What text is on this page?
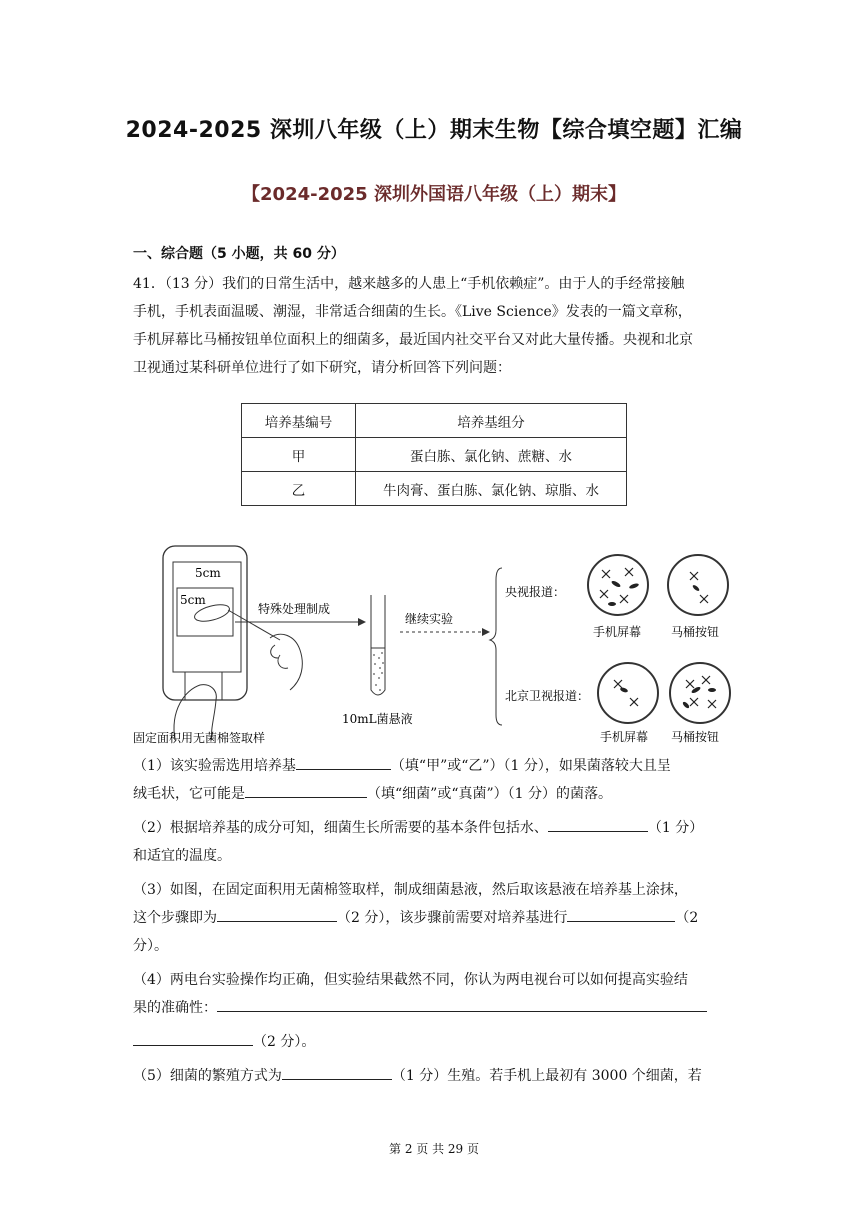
2024-2025 深圳八年级（上）期末生物【综合填空题】汇编
【2024-2025 深圳外国语八年级（上）期末】
一、综合题（5 小题，共 60 分）
41．（13 分）我们的日常生活中，越来越多的人患上“手机依赖症”。由于人的手经常接触
手机，手机表面温暖、潮湿，非常适合细菌的生长。《Live Science》发表的一篇文章称，
手机屏幕比马桶按钮单位面积上的细菌多，最近国内社交平台又对此大量传播。央视和北京
卫视通过某科研单位进行了如下研究，请分析回答下列问题：
培养基编号	培养基组分
甲	蛋白胨、氯化钠、蔗糖、水
乙	牛肉膏、蛋白胨、氯化钠、琼脂、水
5cm
5cm
特殊处理制成
10mL菌悬液
继续实验
央视报道：
北京卫视报道：
手机屏幕 马桶按钮
手机屏幕 马桶按钮
固定面积用无菌棉签取样
（1）该实验需选用培养基	（填“甲”或“乙”）（1 分），如果菌落较大且呈
绒毛状，它可能是	（填“细菌”或“真菌”）（1 分）的菌落。
（2）根据培养基的成分可知，细菌生长所需要的基本条件包括水、	（1 分）
和适宜的温度。
（3）如图，在固定面积用无菌棉签取样，制成细菌悬液，然后取该悬液在培养基上涂抹，
这个步骤即为	（2 分），该步骤前需要对培养基进行	（2
分）。
（4）两电台实验操作均正确，但实验结果截然不同，你认为两电视台可以如何提高实验结
果的准确性：
（2 分）。
（5）细菌的繁殖方式为	（1 分）生殖。若手机上最初有 3000 个细菌，若
第 2 页 共 29 页
